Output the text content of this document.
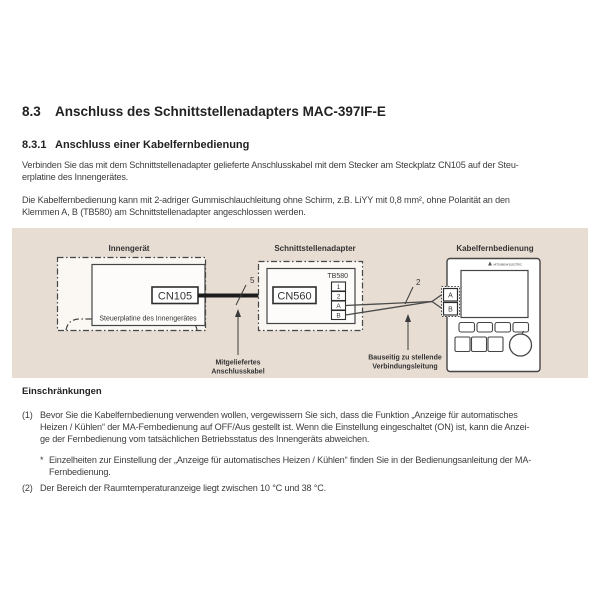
8.3	Anschluss des Schnittstellenadapters MAC-397IF-E
8.3.1 Anschluss einer Kabelfernbedienung
Verbinden Sie das mit dem Schnittstellenadapter gelieferte Anschlusskabel mit dem Stecker am Steckplatz CN105 auf der Steu-
erplatine des Innengerätes.
Die Kabelfernbedienung kann mit 2-adriger Gummischlauchleitung ohne Schirm, z.B. LiYY mit 0,8 mm², ohne Polarität an den
Klemmen A, B (TB580) am Schnittstellenadapter angeschlossen werden.
Innengerät
Steuerplatine des Innengerätes
CN105
5
Mitgeliefertes
Anschlusskabel
Schnittstellenadapter
CN560
TB580
1
2
A
B
2
Bauseitig zu stellende
Verbindungsleitung
Kabelfernbedienung
MITSUBISHI ELECTRIC
A
B
Einschränkungen
(1) Bevor Sie die Kabelfernbedienung verwenden wollen, vergewissern Sie sich, dass die Funktion „Anzeige für automatisches
Heizen / Kühlen“ der MA-Fernbedienung auf OFF/Aus gestellt ist. Wenn die Einstellung eingeschaltet (ON) ist, kann die Anzei-
ge der Fernbedienung vom tatsächlichen Betriebsstatus des Innengeräts abweichen.
* Einzelheiten zur Einstellung der „Anzeige für automatisches Heizen / Kühlen“ finden Sie in der Bedienungsanleitung der MA- Fernbedienung.
(2) Der Bereich der Raumtemperaturanzeige liegt zwischen 10 °C und 38 °C.
